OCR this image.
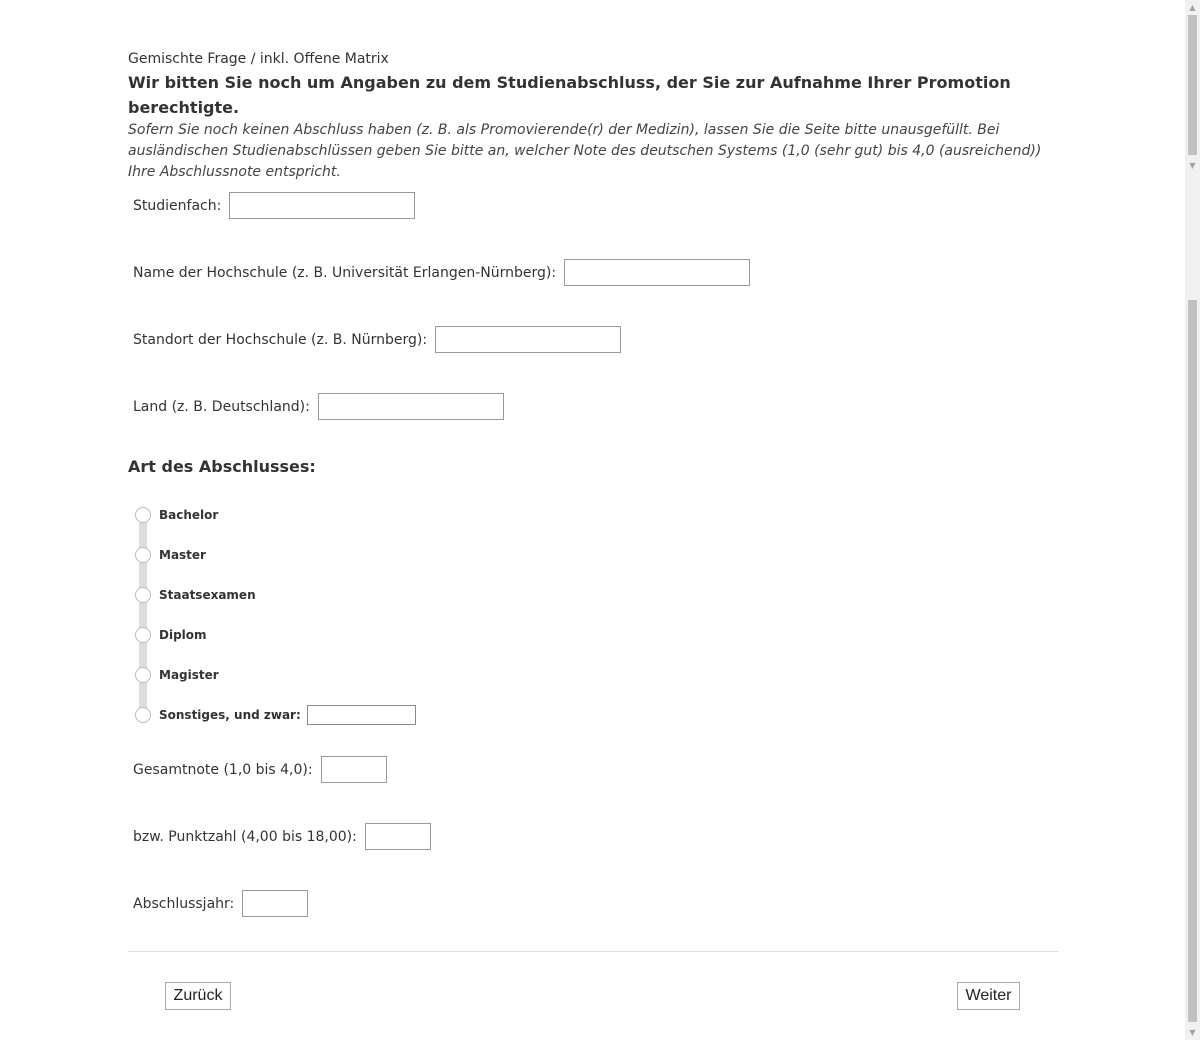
Gemischte Frage / inkl. Offene Matrix
Wir bitten Sie noch um Angaben zu dem Studienabschluss, der Sie zur Aufnahme Ihrer Promotion berechtigte.
Sofern Sie noch keinen Abschluss haben (z. B. als Promovierende(r) der Medizin), lassen Sie die Seite bitte unausgefüllt. Bei ausländischen Studienabschlüssen geben Sie bitte an, welcher Note des deutschen Systems (1,0 (sehr gut) bis 4,0 (ausreichend)) Ihre Abschlussnote entspricht.
Studienfach:
Name der Hochschule (z. B. Universität Erlangen-Nürnberg):
Standort der Hochschule (z. B. Nürnberg):
Land (z. B. Deutschland):
Art des Abschlusses:
Bachelor
Master
Staatsexamen
Diplom
Magister
Sonstiges, und zwar:
Gesamtnote (1,0 bis 4,0):
bzw. Punktzahl (4,00 bis 18,00):
Abschlussjahr:
Zurück	Weiter
▲
▼
▼
